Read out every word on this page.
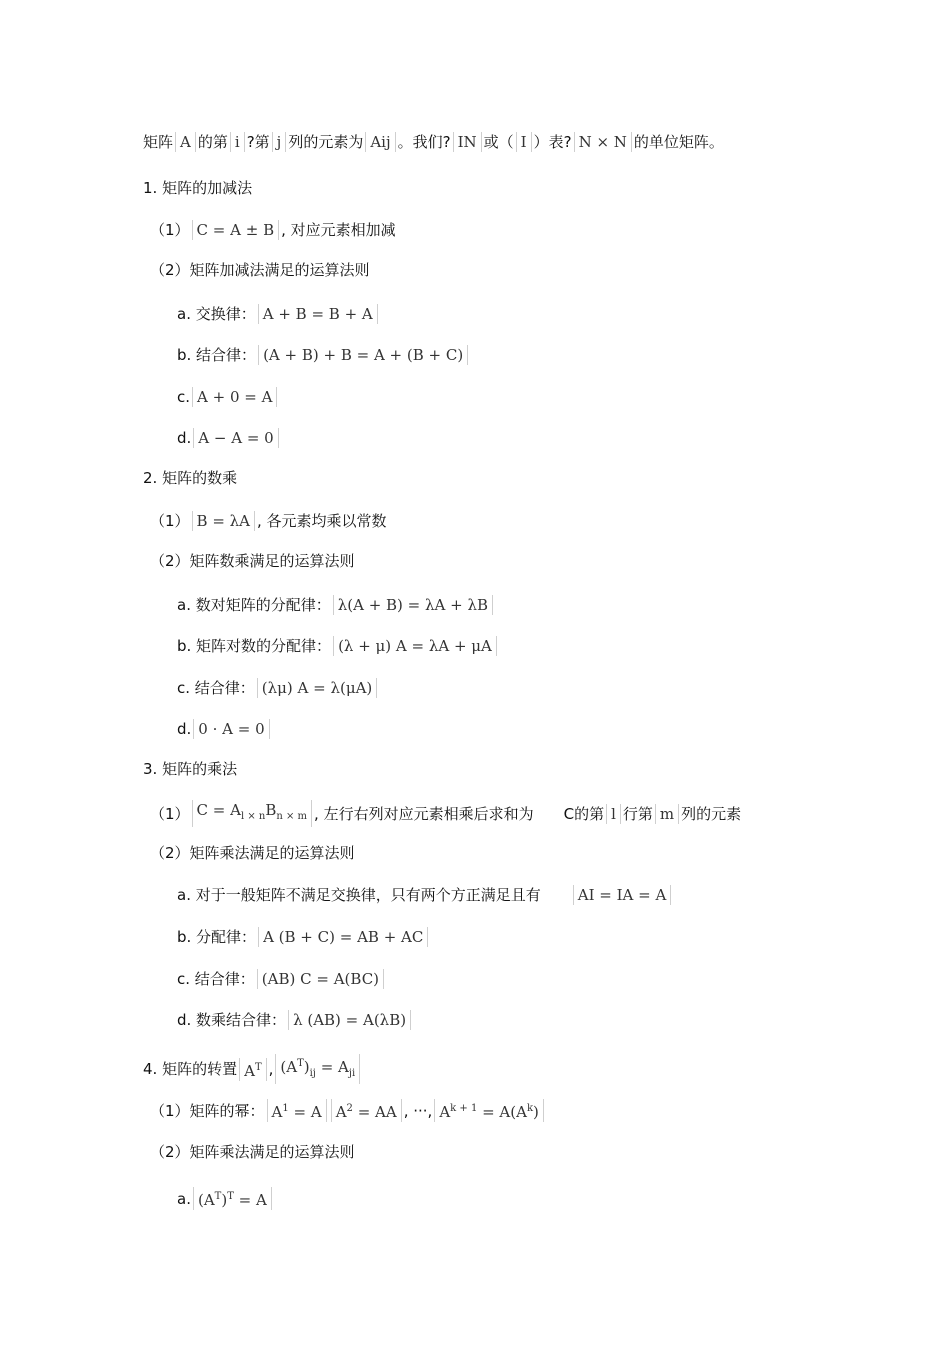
矩阵 A 的第 i ?第 j 列的元素为 Aij 。我们? IN 或（ I ）表? N × N 的单位矩阵。
1. 矩阵的加减法
（1） C = A ± B , 对应元素相加减
（2）矩阵加减法满足的运算法则
a. 交换律： A + B = B + A
b. 结合律： (A + B) + B = A + (B + C)
c. A + 0 = A
d. A − A = 0
2. 矩阵的数乘
（1） B = λA , 各元素均乘以常数
（2）矩阵数乘满足的运算法则
a. 数对矩阵的分配律： λ(A + B) = λA + λB
b. 矩阵对数的分配律： (λ + μ) A = λA + μA
c. 结合律： (λμ) A = λ(μA)
d. 0 · A = 0
3. 矩阵的乘法
（1） $C = A_{l \times n}B_{n \times m}$ , 左行右列对应元素相乘后求和为 C的第 l 行第 m 列的元素
（2）矩阵乘法满足的运算法则
a. 对于一般矩阵不满足交换律，只有两个方正满足且有 AI = IA = A
b. 分配律： A (B + C) = AB + AC
c. 结合律： (AB) C = A(BC)
d. 数乘结合律： λ (AB) = A(λB)
4. 矩阵的转置 $A^T$ , $(A^T)_{ij} = A_{ji}$
（1）矩阵的幂： $A^1 = A$ $A^2$ = AA , ···, $A^{k + 1} = A(A^k)$
（2）矩阵乘法满足的运算法则
a. $(A^T)^T = A$
